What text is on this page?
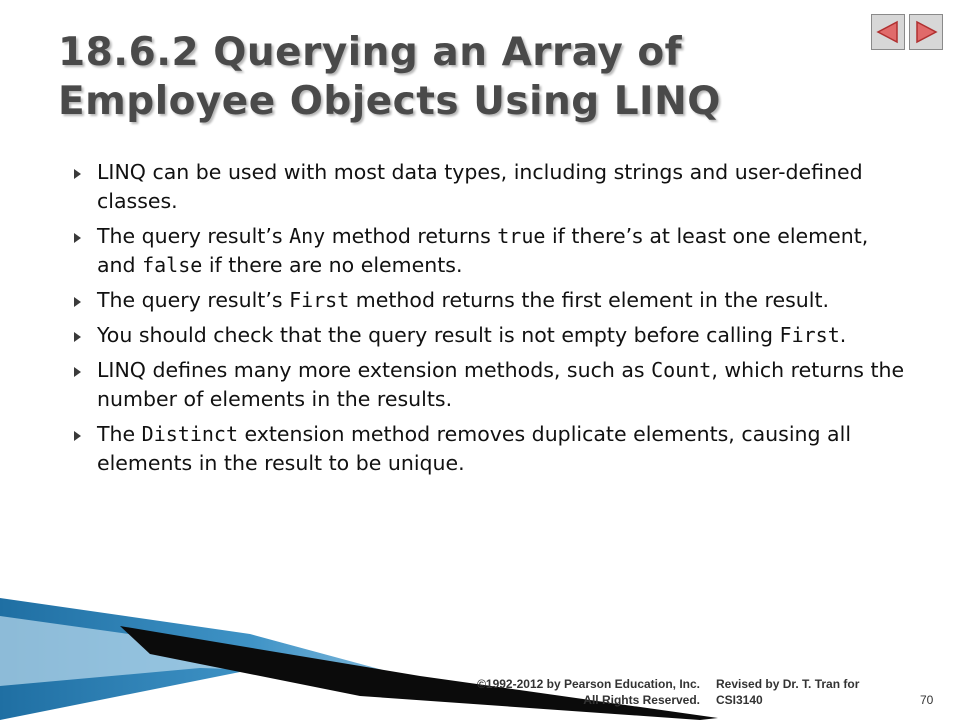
18.6.2 Querying an Array of
Employee Objects Using LINQ
LINQ can be used with most data types, including strings and user-defined classes.
The query result’s Any method returns true if there’s at least one element, and false if there are no elements.
The query result’s First method returns the first element in the result.
You should check that the query result is not empty before calling First.
LINQ defines many more extension methods, such as Count, which returns the number of elements in the results.
The Distinct extension method removes duplicate elements, causing all elements in the result to be unique.
©1992-2012 by Pearson Education, Inc.
All Rights Reserved.
Revised by Dr. T. Tran for
CSI3140	70
